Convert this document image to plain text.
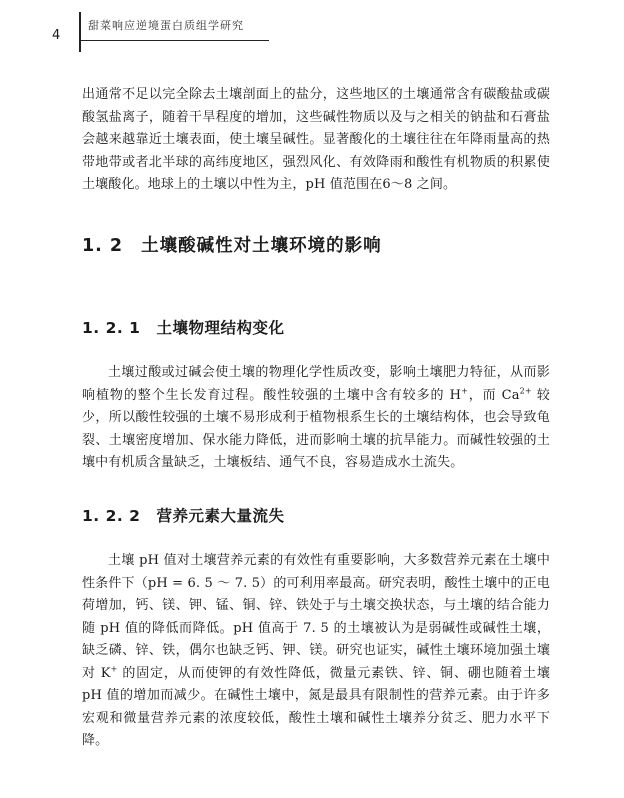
4
甜菜响应逆境蛋白质组学研究

出通常不足以完全除去土壤剖面上的盐分，这些地区的土壤通常含有碳酸盐或碳酸氢盐离子，随着干旱程度的增加，这些碱性物质以及与之相关的钠盐和石膏盐会越来越靠近土壤表面，使土壤呈碱性。显著酸化的土壤往往在年降雨量高的热带地带或者北半球的高纬度地区，强烈风化、有效降雨和酸性有机物质的积累使土壤酸化。地球上的土壤以中性为主，pH 值范围在6～8 之间。

1. 2 土壤酸碱性对土壤环境的影响
1. 2. 1 土壤物理结构变化

土壤过酸或过碱会使土壤的物理化学性质改变，影响土壤肥力特征，从而影响植物的整个生长发育过程。酸性较强的土壤中含有较多的 H+，而 $Ca^{2+}$ 较少，所以酸性较强的土壤不易形成利于植物根系生长的土壤结构体，也会导致龟裂、土壤密度增加、保水能力降低，进而影响土壤的抗旱能力。而碱性较强的土壤中有机质含量缺乏，土壤板结、通气不良，容易造成水土流失。

1. 2. 2 营养元素大量流失

土壤 pH 值对土壤营养元素的有效性有重要影响，大多数营养元素在土壤中性条件下（pH = 6. 5 ～ 7. 5）的可利用率最高。研究表明，酸性土壤中的正电荷增加，钙、镁、钾、锰、铜、锌、铁处于与土壤交换状态，与土壤的结合能力随 pH 值的降低而降低。pH 值高于 7. 5 的土壤被认为是弱碱性或碱性土壤，缺乏磷、锌、铁，偶尔也缺乏钙、钾、镁。研究也证实，碱性土壤环境加强土壤对 K+ 的固定，从而使钾的有效性降低，微量元素铁、锌、铜、硼也随着土壤 pH 值的增加而减少。在碱性土壤中，氮是最具有限制性的营养元素。由于许多宏观和微量营养元素的浓度较低，酸性土壤和碱性土壤养分贫乏、肥力水平下降。
